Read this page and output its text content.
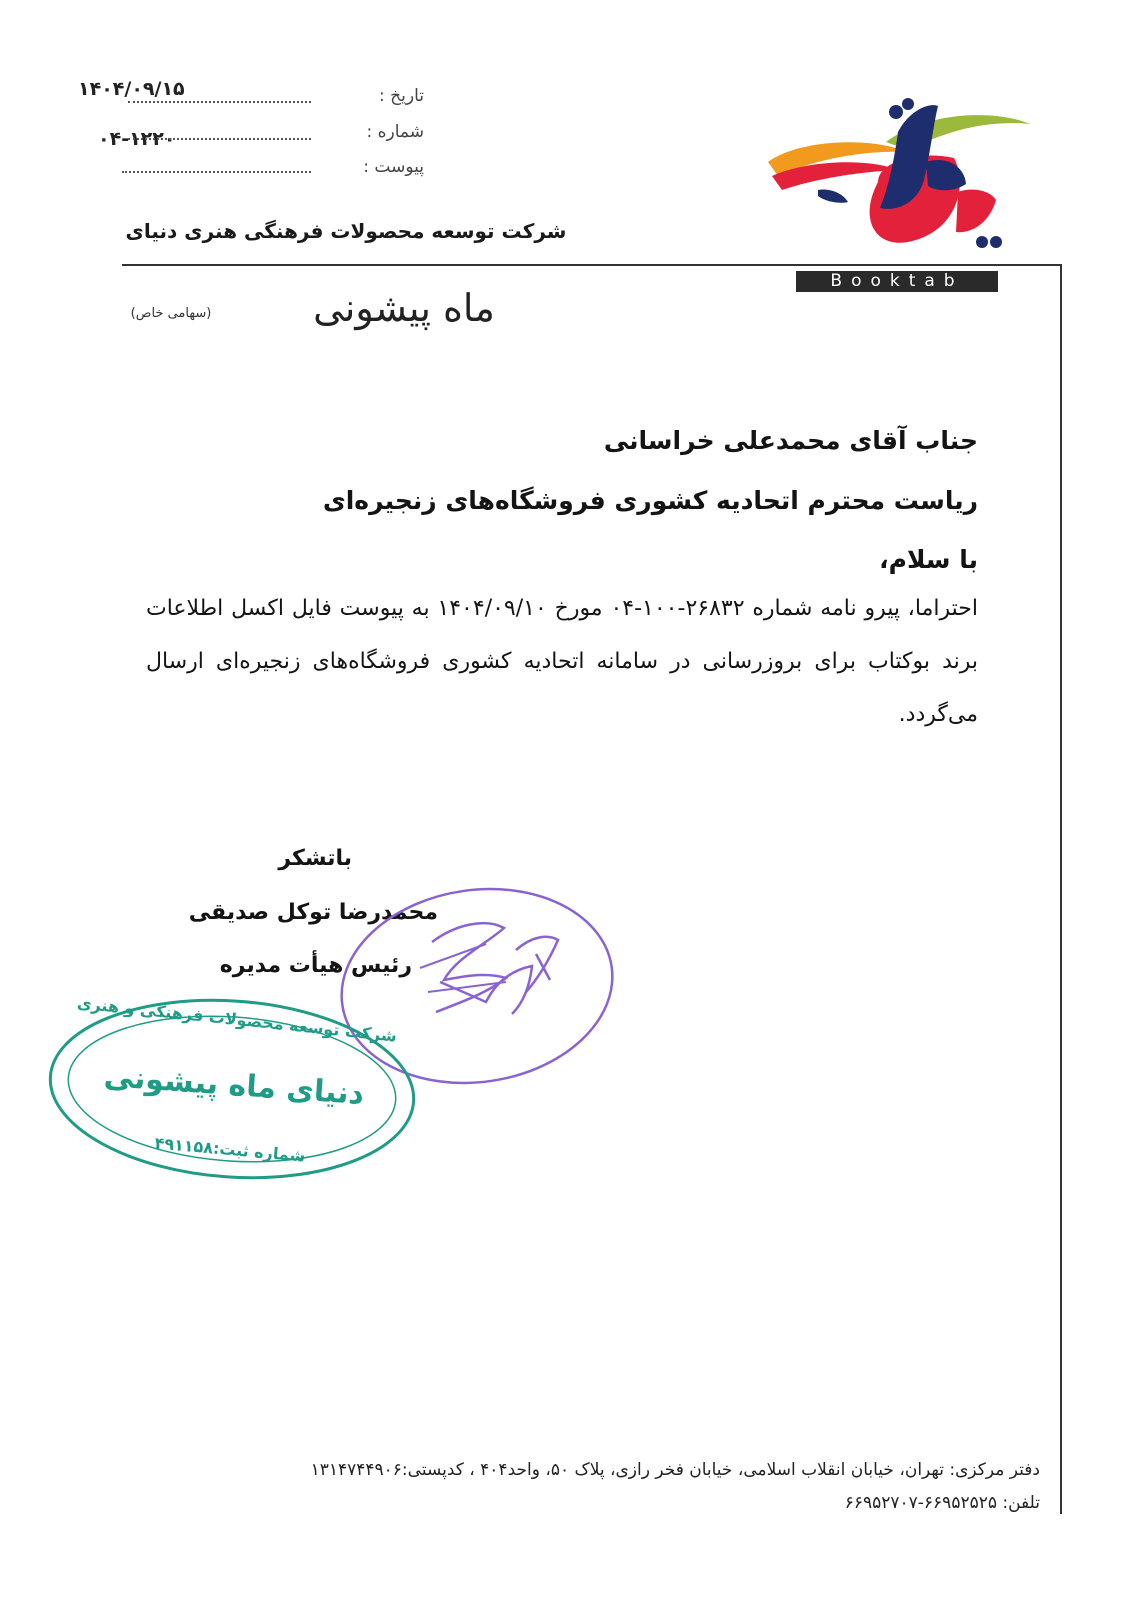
۱۴۰۴/۰۹/۱۵	تاریخ :
۰۴-۱۲۲۰	شماره :
پیوست :
شرکت توسعه محصولات فرهنگی هنری دنیای
Booktab
(سهامی خاص)	ماه پیشونی
جناب آقای محمدعلی خراسانی
ریاست محترم اتحادیه کشوری فروشگاه‌های زنجیره‌ای
با سلام،
احتراما، پیرو نامه شماره ۲۶۸۳۲-۱۰۰-۰۴ مورخ ۱۴۰۴/۰۹/۱۰ به پیوست فایل اکسل اطلاعات برند بوکتاب برای بروزرسانی در سامانه اتحادیه کشوری فروشگاه‌های زنجیره‌ای ارسال می‌گردد.
باتشکر
محمدرضا توکل صدیقی
رئیس هیأت مدیره
شرکت توسعه محصولات فرهنگی و هنری
دنیای ماه پیشونی
شماره ثبت:۴۹۱۱۵۸
دفتر مرکزی: تهران، خیابان انقلاب اسلامی، خیابان فخر رازی، پلاک ۵۰، واحد۴۰۴ ، کدپستی:۱۳۱۴۷۴۴۹۰۶
تلفن: ۶۶۹۵۲۵۲۵-۶۶۹۵۲۷۰۷
